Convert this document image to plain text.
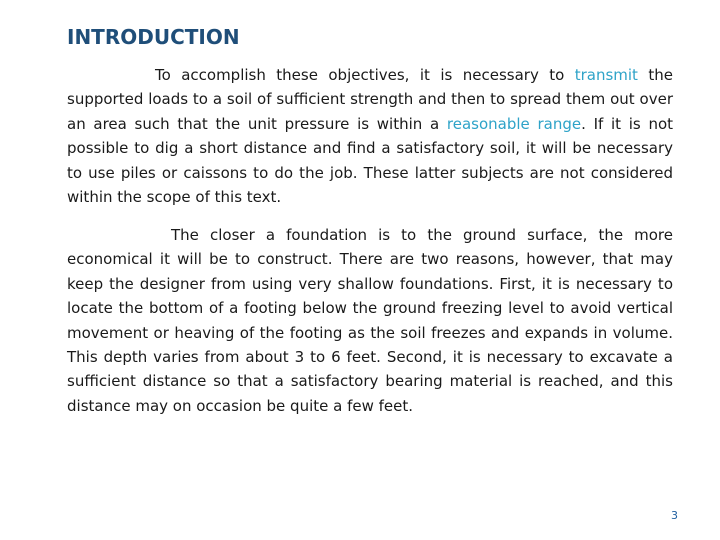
INTRODUCTION

To accomplish these objectives, it is necessary to transmit the supported loads to a soil of sufficient strength and then to spread them out over an area such that the unit pressure is within a reasonable range. If it is not possible to dig a short distance and find a satisfactory soil, it will be necessary to use piles or caissons to do the job. These latter subjects are not considered within the scope of this text.

The closer a foundation is to the ground surface, the more economical it will be to construct. There are two reasons, however, that may keep the designer from using very shallow foundations. First, it is necessary to locate the bottom of a footing below the ground freezing level to avoid vertical movement or heaving of the footing as the soil freezes and expands in volume. This depth varies from about 3 to 6 feet. Second, it is necessary to excavate a sufficient distance so that a satisfactory bearing material is reached, and this distance may on occasion be quite a few feet.

3
